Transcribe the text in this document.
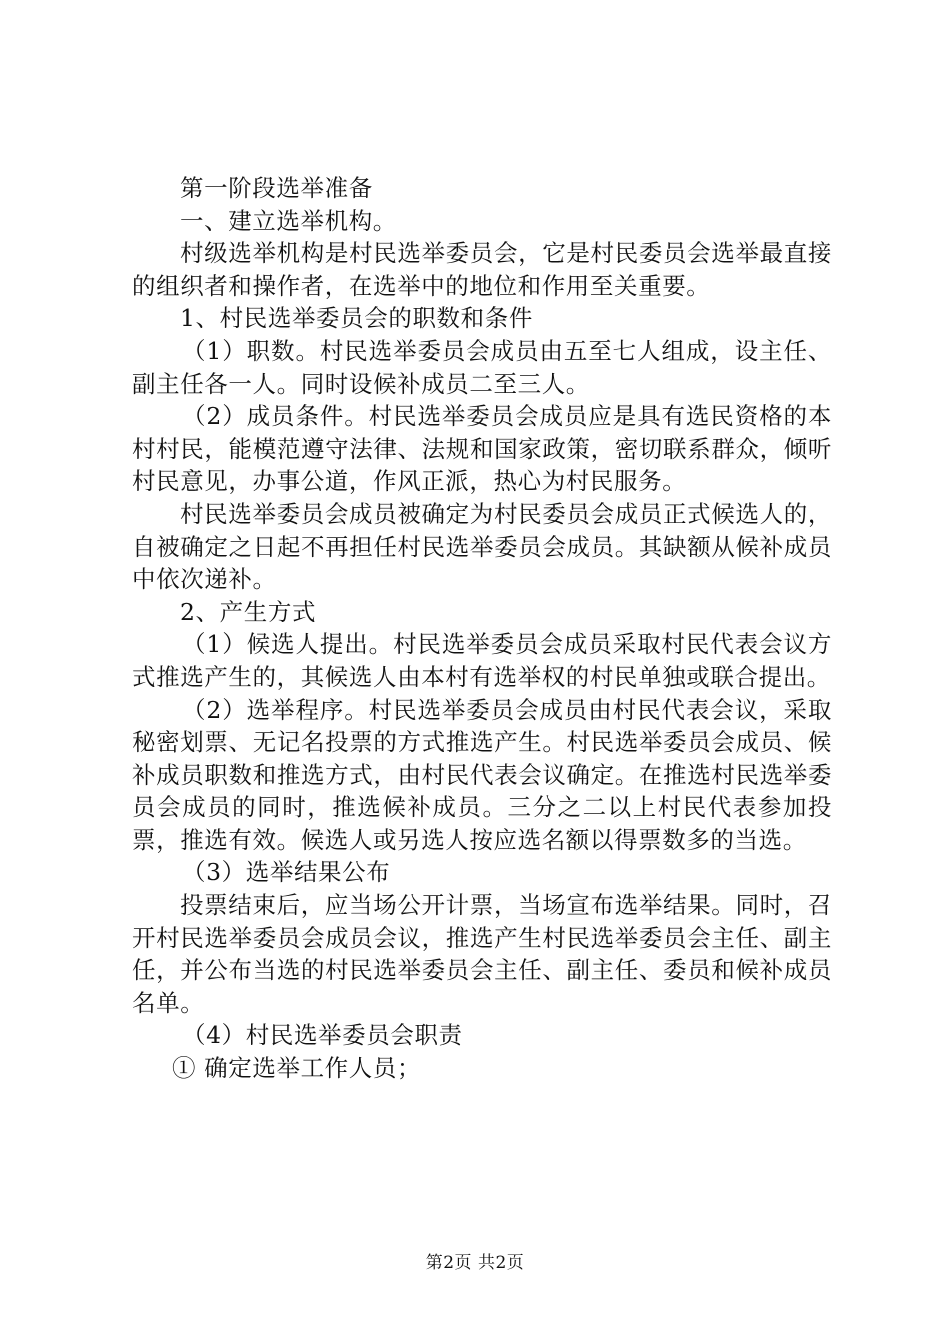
第一阶段选举准备

一、建立选举机构。

村级选举机构是村民选举委员会，它是村民委员会选举最直接的组织者和操作者，在选举中的地位和作用至关重要。

1、村民选举委员会的职数和条件

（1）职数。村民选举委员会成员由五至七人组成，设主任、副主任各一人。同时设候补成员二至三人。

（2）成员条件。村民选举委员会成员应是具有选民资格的本村村民，能模范遵守法律、法规和国家政策，密切联系群众，倾听村民意见，办事公道，作风正派，热心为村民服务。

村民选举委员会成员被确定为村民委员会成员正式候选人的，自被确定之日起不再担任村民选举委员会成员。其缺额从候补成员中依次递补。

2、产生方式

（1）候选人提出。村民选举委员会成员采取村民代表会议方式推选产生的，其候选人由本村有选举权的村民单独或联合提出。

（2）选举程序。村民选举委员会成员由村民代表会议，采取秘密划票、无记名投票的方式推选产生。村民选举委员会成员、候补成员职数和推选方式，由村民代表会议确定。在推选村民选举委员会成员的同时，推选候补成员。三分之二以上村民代表参加投票，推选有效。候选人或另选人按应选名额以得票数多的当选。

（3）选举结果公布

投票结束后，应当场公开计票，当场宣布选举结果。同时，召开村民选举委员会成员会议，推选产生村民选举委员会主任、副主任，并公布当选的村民选举委员会主任、副主任、委员和候补成员名单。

（4）村民选举委员会职责

① 确定选举工作人员；

第2页 共2页
